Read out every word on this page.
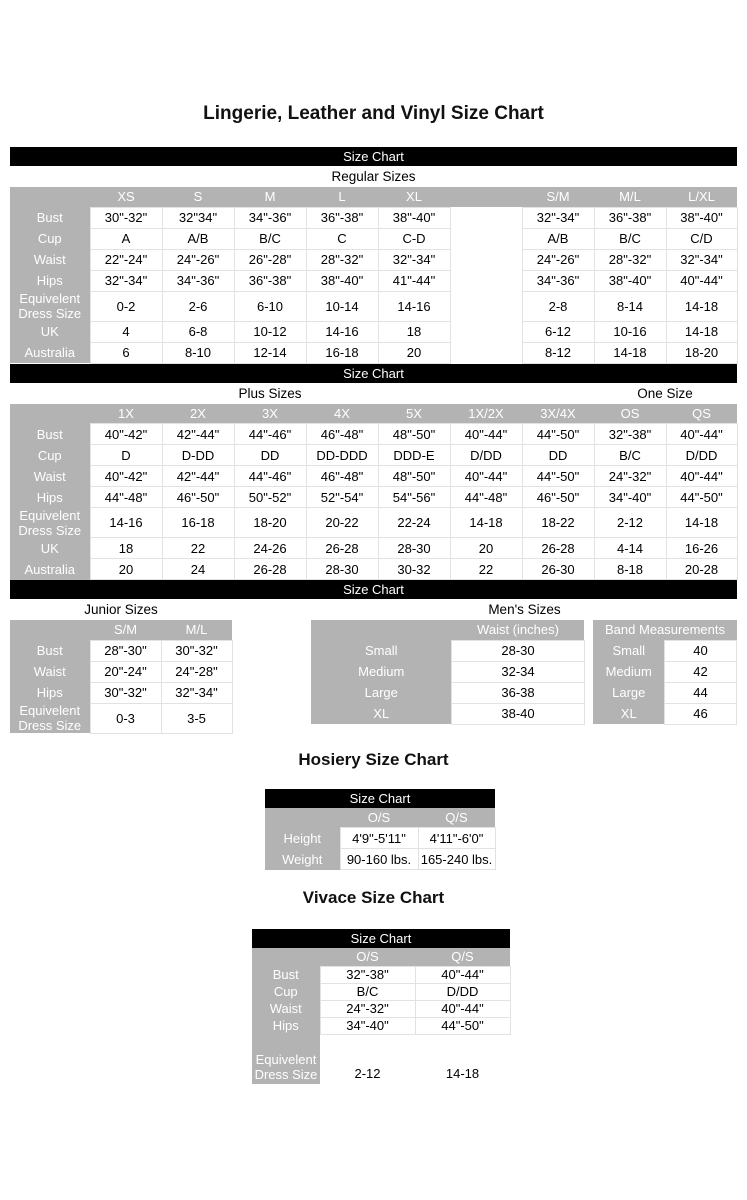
Lingerie, Leather and Vinyl Size Chart
Size Chart
Regular Sizes
	XS	S	M	L	XL		S/M	M/L	L/XL
Bust	30"-32"	32"34"	34"-36"	36"-38"	38"-40"		32"-34"	36"-38"	38"-40"
Cup	A	A/B	B/C	C	C-D		A/B	B/C	C/D
Waist	22"-24"	24"-26"	26"-28"	28"-32"	32"-34"		24"-26"	28"-32"	32"-34"
Hips	32"-34"	34"-36"	36"-38"	38"-40"	41"-44"		34"-36"	38"-40"	40"-44"
Equivelent Dress Size	0-2	2-6	6-10	10-14	14-16		2-8	8-14	14-18
UK	4	6-8	10-12	14-16	18		6-12	10-16	14-18
Australia	6	8-10	12-14	16-18	20		8-12	14-18	18-20
Size Chart
Plus Sizes	One Size
	1X	2X	3X	4X	5X	1X/2X	3X/4X	OS	QS
Bust	40"-42"	42"-44"	44"-46"	46"-48"	48"-50"	40"-44"	44"-50"	32"-38"	40"-44"
Cup	D	D-DD	DD	DD-DDD	DDD-E	D/DD	DD	B/C	D/DD
Waist	40"-42"	42"-44"	44"-46"	46"-48"	48"-50"	40"-44"	44"-50"	24"-32"	40"-44"
Hips	44"-48"	46"-50"	50"-52"	52"-54"	54"-56"	44"-48"	46"-50"	34"-40"	44"-50"
Equivelent Dress Size	14-16	16-18	18-20	20-22	22-24	14-18	18-22	2-12	14-18
UK	18	22	24-26	26-28	28-30	20	26-28	4-14	16-26
Australia	20	24	26-28	28-30	30-32	22	26-30	8-18	20-28
Size Chart
Junior Sizes	Men's Sizes
	S/M	M/L
Bust	28"-30"	30"-32"
Waist	20"-24"	24"-28"
Hips	30"-32"	32"-34"
Equivelent Dress Size	0-3	3-5
	Waist (inches)		Band Measurements	
Small	28-30		Small	40
Medium	32-34		Medium	42
Large	36-38		Large	44
XL	38-40		XL	46
Hosiery Size Chart
Size Chart
	O/S	Q/S
Height	4'9"-5'11"	4'11"-6'0"
Weight	90-160 lbs.	165-240 lbs.
Vivace Size Chart
Size Chart
	O/S	Q/S
Bust	32"-38"	40"-44"
Cup	B/C	D/DD
Waist	24"-32"	40"-44"
Hips	34"-40"	44"-50"

Equivelent Dress Size	2-12	14-18
